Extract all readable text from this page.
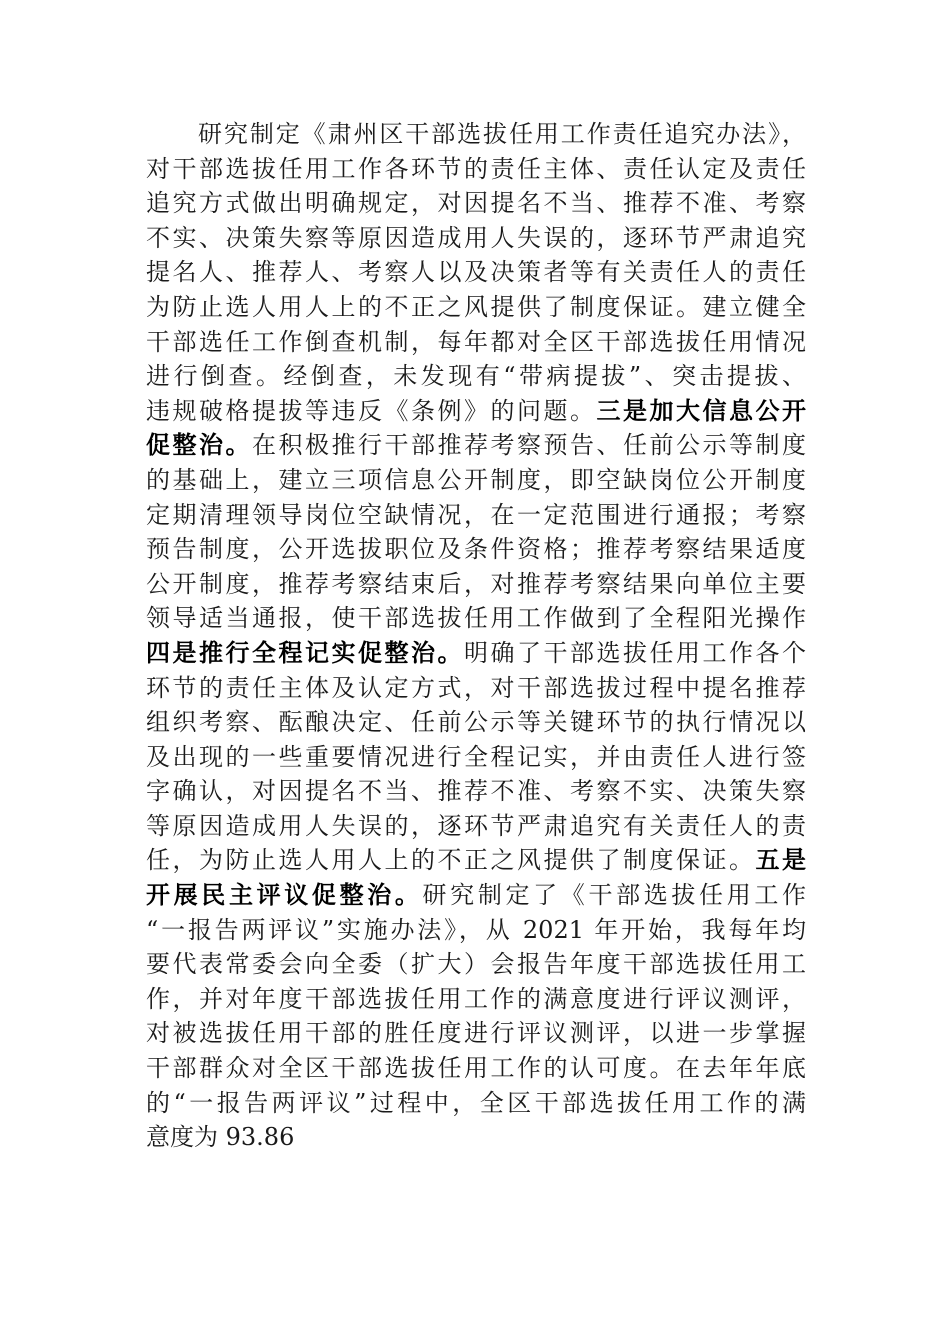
研究制定《肃州区干部选拔任用工作责任追究办法》，
对干部选拔任用工作各环节的责任主体、责任认定及责任
追究方式做出明确规定，对因提名不当、推荐不准、考察
不实、决策失察等原因造成用人失误的，逐环节严肃追究
提名人、推荐人、考察人以及决策者等有关责任人的责任
为防止选人用人上的不正之风提供了制度保证。建立健全
干部选任工作倒查机制，每年都对全区干部选拔任用情况
进行倒查。经倒查，未发现有“带病提拔”、突击提拔、
违规破格提拔等违反《条例》的问题。三是加大信息公开
促整治。在积极推行干部推荐考察预告、任前公示等制度
的基础上，建立三项信息公开制度，即空缺岗位公开制度
定期清理领导岗位空缺情况，在一定范围进行通报；考察
预告制度，公开选拔职位及条件资格；推荐考察结果适度
公开制度，推荐考察结束后，对推荐考察结果向单位主要
领导适当通报，使干部选拔任用工作做到了全程阳光操作
四是推行全程记实促整治。明确了干部选拔任用工作各个
环节的责任主体及认定方式，对干部选拔过程中提名推荐
组织考察、酝酿决定、任前公示等关键环节的执行情况以
及出现的一些重要情况进行全程记实，并由责任人进行签
字确认，对因提名不当、推荐不准、考察不实、决策失察
等原因造成用人失误的，逐环节严肃追究有关责任人的责
任，为防止选人用人上的不正之风提供了制度保证。五是
开展民主评议促整治。研究制定了《干部选拔任用工作
“一报告两评议”实施办法》，从 2021 年开始，我每年均
要代表常委会向全委（扩大）会报告年度干部选拔任用工
作，并对年度干部选拔任用工作的满意度进行评议测评，
对被选拔任用干部的胜任度进行评议测评，以进一步掌握
干部群众对全区干部选拔任用工作的认可度。在去年年底
的“一报告两评议”过程中，全区干部选拔任用工作的满
意度为 93.86
